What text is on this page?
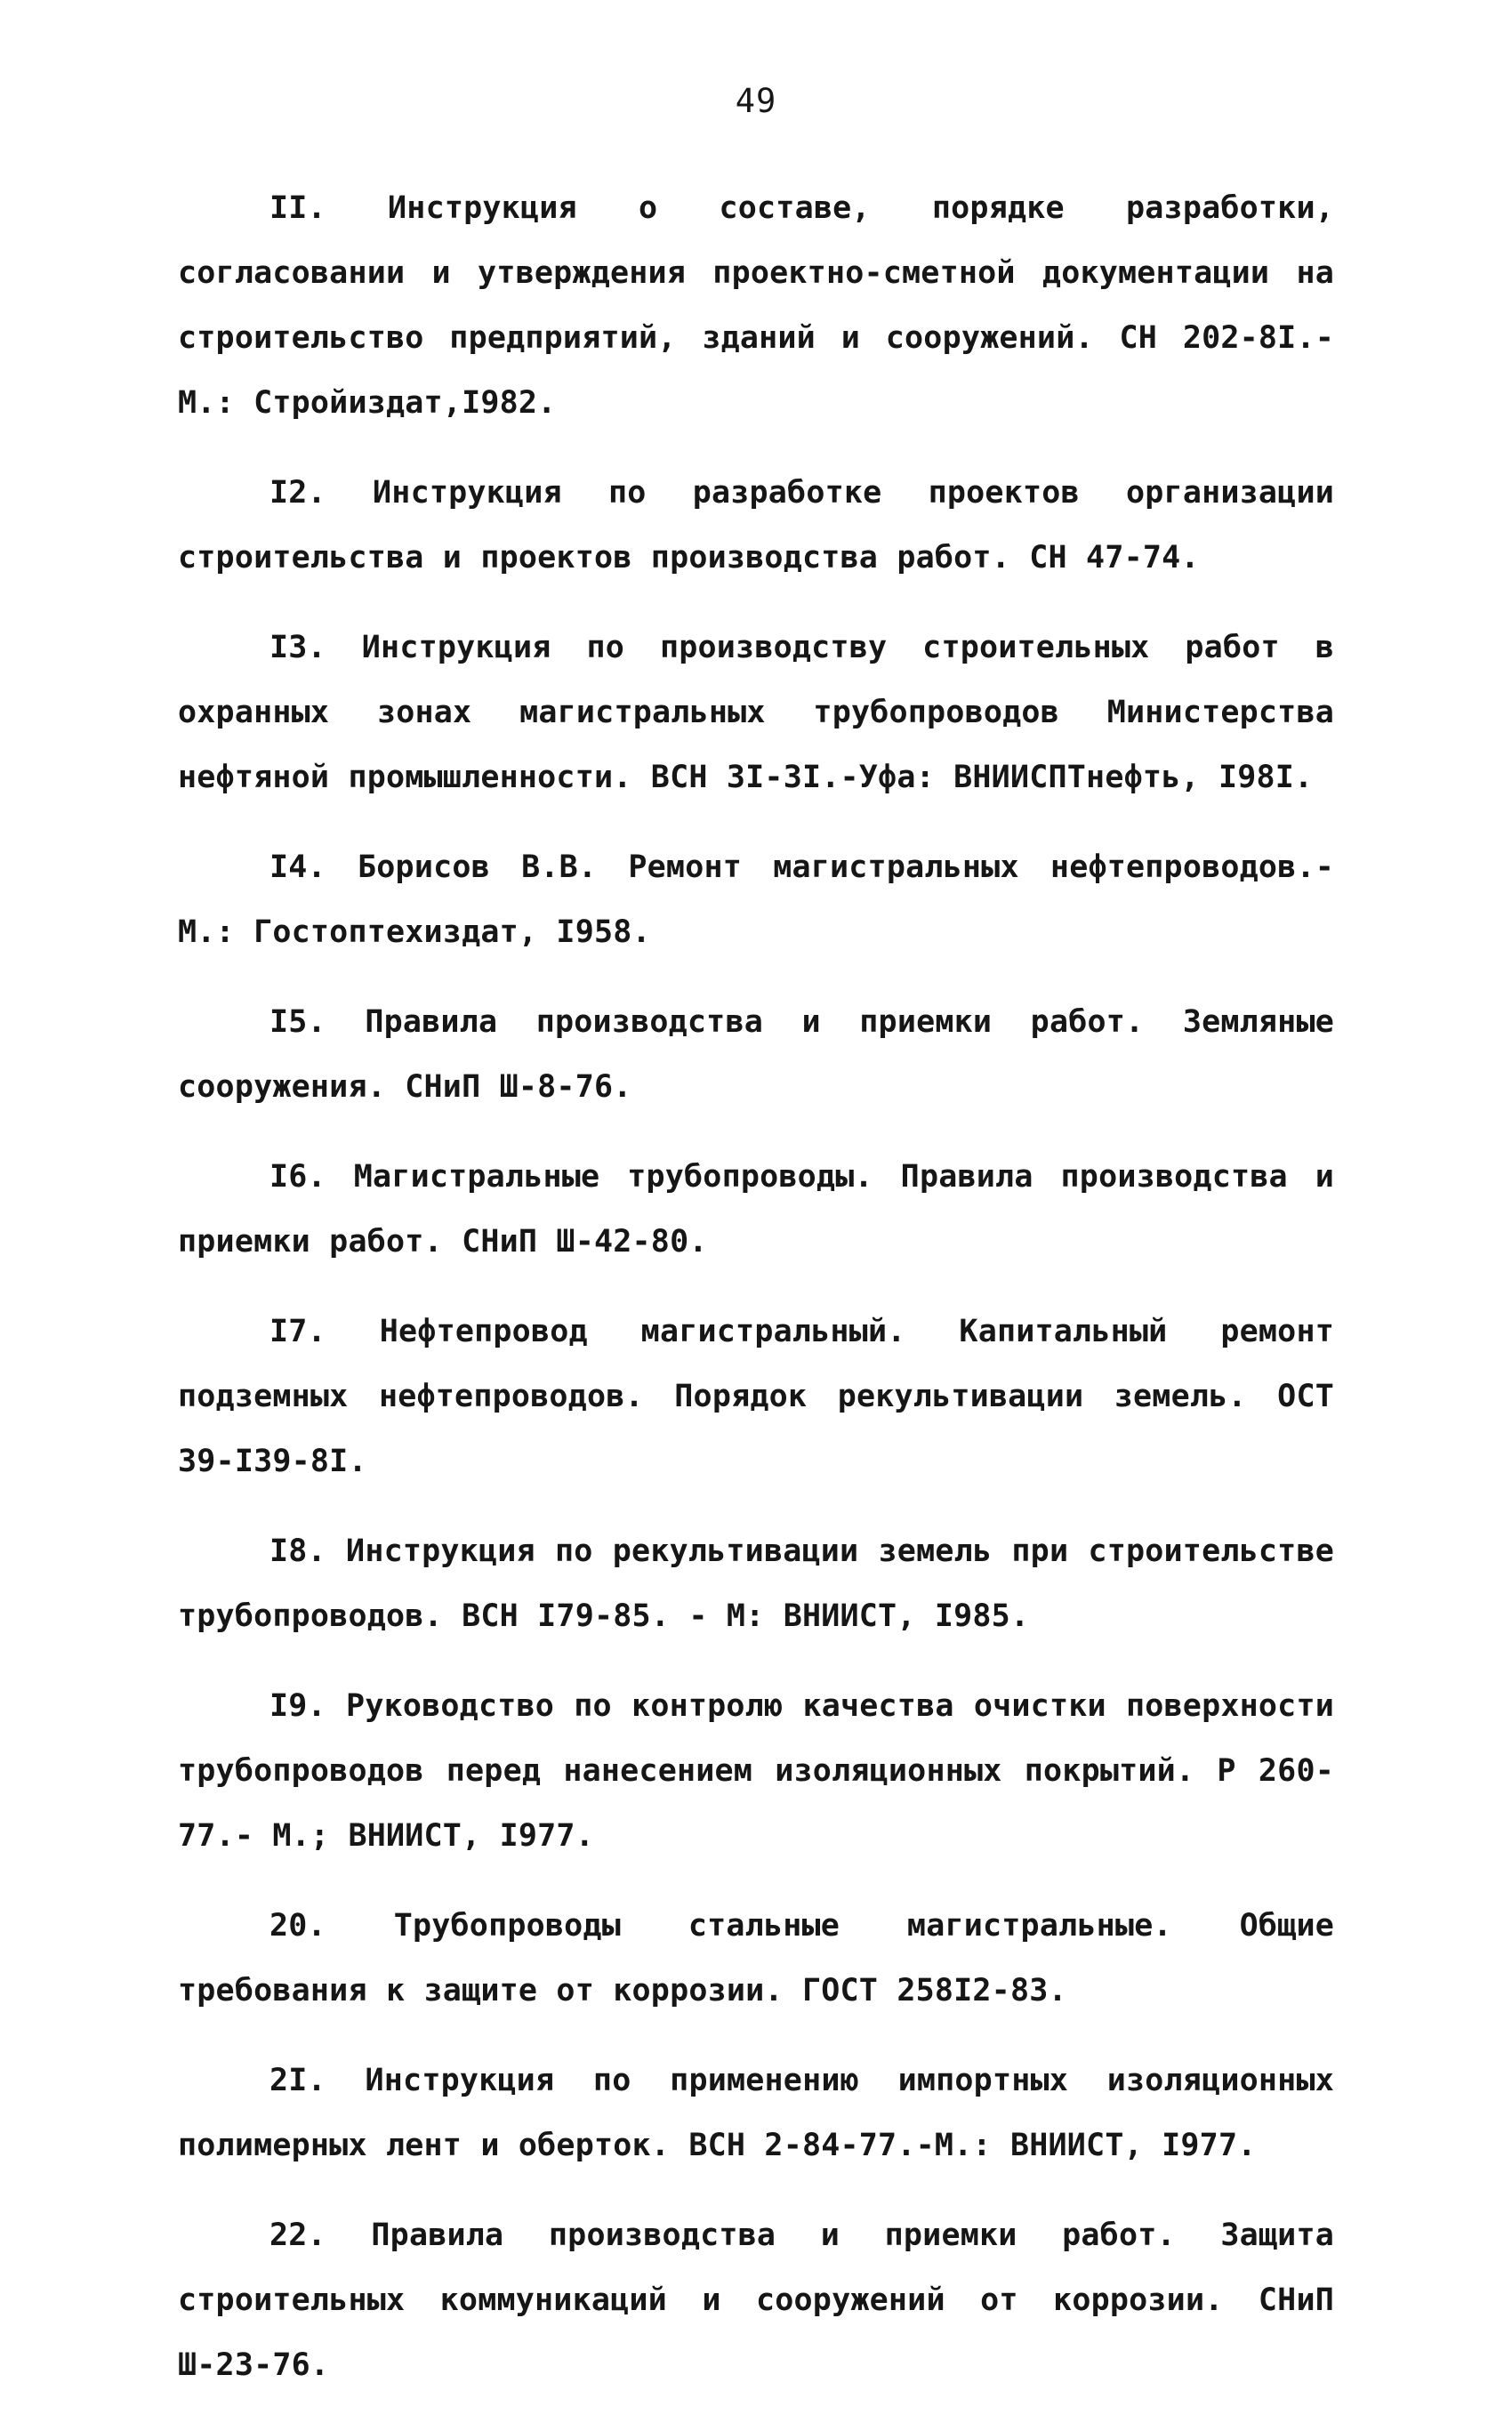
49

II. Инструкция о составе, порядке разработки, согласовании и утверждения проектно-сметной документации на строительство предприятий, зданий и сооружений. СН 202-8I.-М.: Стройиздат,I982.

I2. Инструкция по разработке проектов организации строительства и проектов производства работ. СН 47-74.

I3. Инструкция по производству строительных работ в охранных зонах магистральных трубопроводов Министерства нефтяной промышленности. ВСН 3I-3I.-Уфа: ВНИИСПТнефть, I98I.

I4. Борисов В.В. Ремонт магистральных нефтепроводов.- М.: Гостоптехиздат, I958.

I5. Правила производства и приемки работ. Земляные сооружения. СНиП Ш-8-76.

I6. Магистральные трубопроводы. Правила производства и приемки работ. СНиП Ш-42-80.

I7. Нефтепровод магистральный. Капитальный ремонт подземных нефтепроводов. Порядок рекультивации земель. ОСТ 39-I39-8I.

I8. Инструкция по рекультивации земель при строительстве трубопроводов. ВСН I79-85. - М: ВНИИСТ, I985.

I9. Руководство по контролю качества очистки поверхности трубопроводов перед нанесением изоляционных покрытий. Р 260-77.- М.; ВНИИСТ, I977.

20. Трубопроводы стальные магистральные. Общие требования к защите от коррозии. ГОСТ 258I2-83.

2I. Инструкция по применению импортных изоляционных полимерных лент и оберток. ВСН 2-84-77.-М.: ВНИИСТ, I977.

22. Правила производства и приемки работ. Защита строительных коммуникаций и сооружений от коррозии. СНиП Ш-23-76.
